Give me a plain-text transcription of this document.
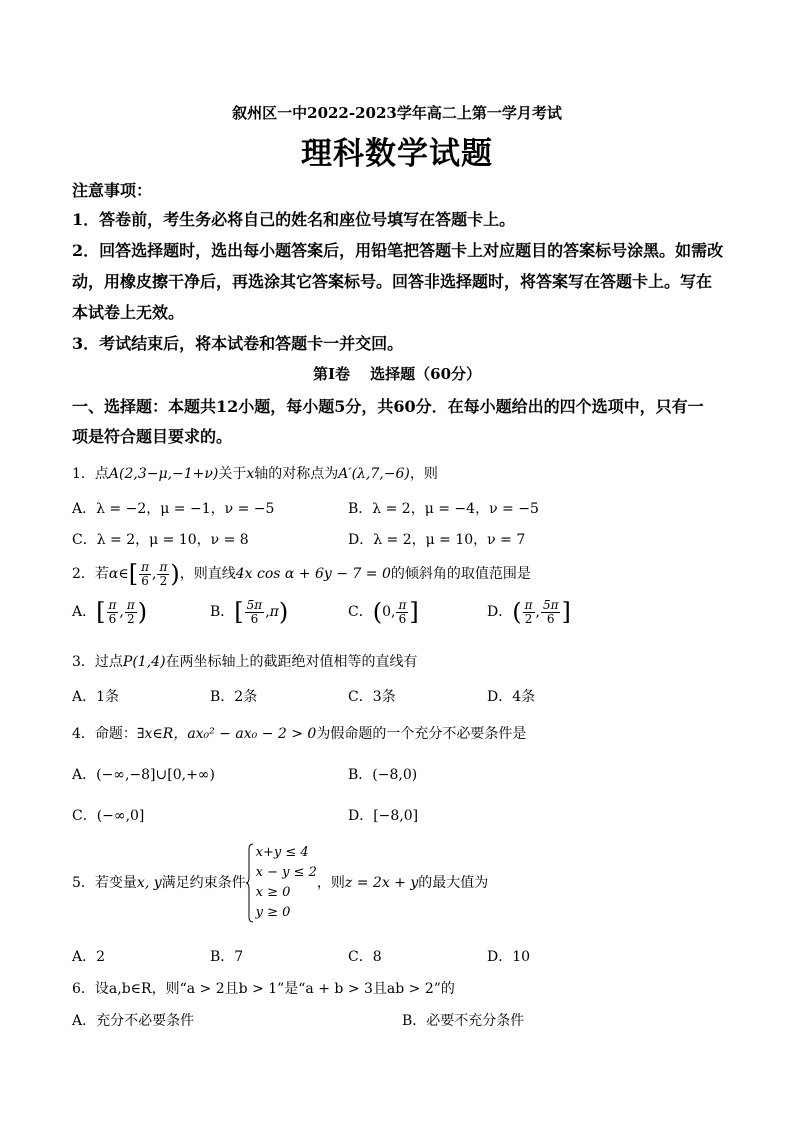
叙州区一中2022-2023学年高二上第一学月考试
理科数学试题
注意事项：
1．答卷前，考生务必将自己的姓名和座位号填写在答题卡上。
2．回答选择题时，选出每小题答案后，用铅笔把答题卡上对应题目的答案标号涂黑。如需改
动，用橡皮擦干净后，再选涂其它答案标号。回答非选择题时，将答案写在答题卡上。写在
本试卷上无效。
3．考试结束后，将本试卷和答题卡一并交回。
第Ⅰ卷　 选择题（60分）
一、选择题：本题共12小题，每小题5分，共60分．在每小题给出的四个选项中，只有一
项是符合题目要求的。
1．点A(2,3−μ,−1+ν)关于x轴的对称点为A′(λ,7,−6)，则
A．λ = −2，μ = −1，ν = −5	B．λ = 2，μ = −4，ν = −5
C．λ = 2，μ = 10，ν = 8	D．λ = 2，μ = 10，ν = 7
2．若α∈[ $\frac{\pi}{6}$ , $\frac{\pi}{2}$ )，则直线4x cos α + 6y − 7 = 0的倾斜角的取值范围是
A．[ $\frac{\pi}{6}$ , $\frac{\pi}{2}$ )	B．[ $\frac{5\pi}{6} ,\pi$)	C．(0, $\frac{\pi}{6}$ ]	D．( $\frac{\pi}{2}$ , $\frac{5\pi}{6}$ ]
3．过点P(1,4)在两坐标轴上的截距绝对值相等的直线有
A．1条	B．2条	C．3条	D．4条
4．命题：∃x∈R，ax₀² − ax₀ − 2 > 0为假命题的一个充分不必要条件是
A．(−∞,−8]∪[0,+∞)	B．(−8,0)
C．(−∞,0]	D．[−8,0]
5．若变量x, y满足约束条件
x+y ≤ 4
x − y ≤ 2
x ≥ 0
y ≥ 0
，则z = 2x + y的最大值为
A．2	B．7	C．8	D．10
6．设a,b∈R，则“a > 2且b > 1”是“a + b > 3且ab > 2”的
A．充分不必要条件	B．必要不充分条件
